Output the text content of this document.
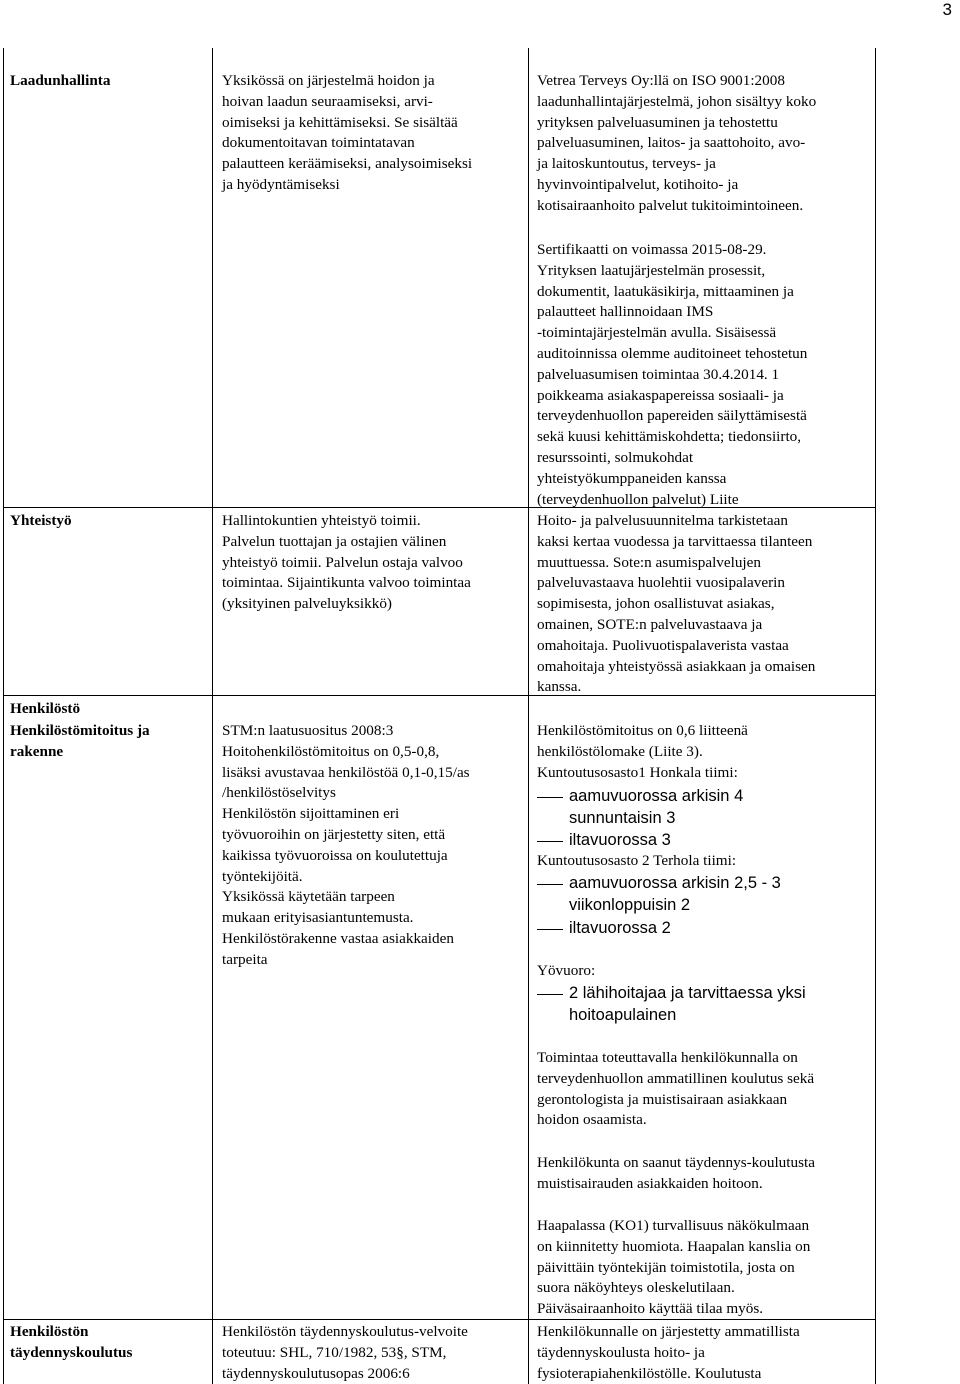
3
Laadunhallinta	Yksikössä on järjestelmä hoidon ja
hoivan laadun seuraamiseksi, arvi-
oimiseksi ja kehittämiseksi. Se sisältää
dokumentoitavan toimintatavan
palautteen keräämiseksi, analysoimiseksi
ja hyödyntämiseksi
Vetrea Terveys Oy:llä on ISO 9001:2008
laadunhallintajärjestelmä, johon sisältyy koko
yrityksen palveluasuminen ja tehostettu
palveluasuminen, laitos- ja saattohoito, avo-
ja laitoskuntoutus, terveys- ja
hyvinvointipalvelut, kotihoito- ja
kotisairaanhoito palvelut tukitoimintoineen.
Sertifikaatti on voimassa 2015-08-29.
Yrityksen laatujärjestelmän prosessit,
dokumentit, laatukäsikirja, mittaaminen ja
palautteet hallinnoidaan IMS
-toimintajärjestelmän avulla. Sisäisessä
auditoinnissa olemme auditoineet tehostetun
palveluasumisen toimintaa 30.4.2014. 1
poikkeama asiakaspapereissa sosiaali- ja
terveydenhuollon papereiden säilyttämisestä
sekä kuusi kehittämiskohdetta; tiedonsiirto,
resurssointi, solmukohdat
yhteistyökumppaneiden kanssa
(terveydenhuollon palvelut) Liite
Yhteistyö	Hallintokuntien yhteistyö toimii.
Palvelun tuottajan ja ostajien välinen
yhteistyö toimii. Palvelun ostaja valvoo
toimintaa. Sijaintikunta valvoo toimintaa
(yksityinen palveluyksikkö)
Hoito- ja palvelusuunnitelma tarkistetaan
kaksi kertaa vuodessa ja tarvittaessa tilanteen
muuttuessa. Sote:n asumispalvelujen
palveluvastaava huolehtii vuosipalaverin
sopimisesta, johon osallistuvat asiakas,
omainen, SOTE:n palveluvastaava ja
omahoitaja. Puolivuotispalaverista vastaa
omahoitaja yhteistyössä asiakkaan ja omaisen
kanssa.
Henkilöstö
Henkilöstömitoitus ja
rakenne
STM:n laatusuositus 2008:3
Hoitohenkilöstömitoitus on 0,5-0,8,
lisäksi avustavaa henkilöstöä 0,1-0,15/as
/henkilöstöselvitys
Henkilöstön sijoittaminen eri
työvuoroihin on järjestetty siten, että
kaikissa työvuoroissa on koulutettuja
työntekijöitä.
Yksikössä käytetään tarpeen
mukaan erityisasiantuntemusta.
Henkilöstörakenne vastaa asiakkaiden
tarpeita
Henkilöstömitoitus on 0,6 liitteenä
henkilöstölomake (Liite 3).
Kuntoutusosasto1 Honkala tiimi:
aamuvuorossa arkisin 4
sunnuntaisin 3
iltavuorossa 3
Kuntoutusosasto 2 Terhola tiimi:
aamuvuorossa arkisin 2,5 - 3
viikonloppuisin 2
iltavuorossa 2
Yövuoro:
2 lähihoitajaa ja tarvittaessa yksi
hoitoapulainen
Toimintaa toteuttavalla henkilökunnalla on
terveydenhuollon ammatillinen koulutus sekä
gerontologista ja muistisairaan asiakkaan
hoidon osaamista.
Henkilökunta on saanut täydennys-koulutusta
muistisairauden asiakkaiden hoitoon.
Haapalassa (KO1) turvallisuus näkökulmaan
on kiinnitetty huomiota. Haapalan kanslia on
päivittäin työntekijän toimistotila, josta on
suora näköyhteys oleskelutilaan.
Päiväsairaanhoito käyttää tilaa myös.
Henkilöstön
täydennyskoulutus
Henkilöstön täydennyskoulutus-velvoite
toteutuu: SHL, 710/1982, 53§, STM,
täydennyskoulutusopas 2006:6
Henkilökunnalle on järjestetty ammatillista
täydennyskoulusta hoito- ja
fysioterapiahenkilöstölle. Koulutusta
